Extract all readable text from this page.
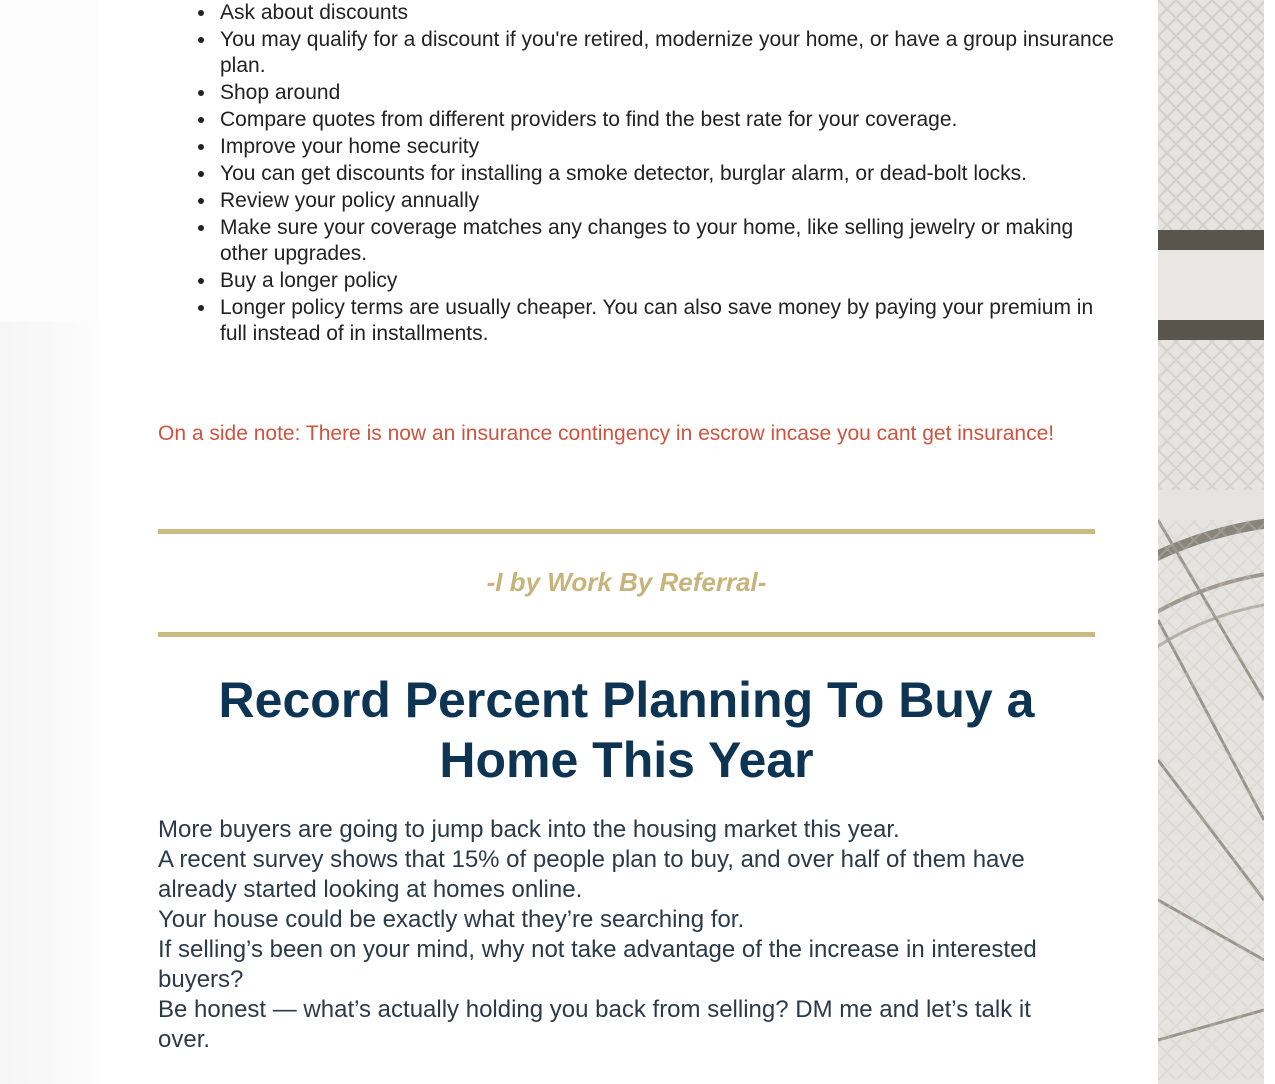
Ask about discounts
You may qualify for a discount if you're retired, modernize your home, or have a group insurance plan.
Shop around
Compare quotes from different providers to find the best rate for your coverage.
Improve your home security
You can get discounts for installing a smoke detector, burglar alarm, or dead-bolt locks.
Review your policy annually
Make sure your coverage matches any changes to your home, like selling jewelry or making other upgrades.
Buy a longer policy
Longer policy terms are usually cheaper. You can also save money by paying your premium in full instead of in installments.
On a side note: There is now an insurance contingency in escrow incase you cant get insurance!
-I by Work By Referral-
Record Percent Planning To Buy a Home This Year

More buyers are going to jump back into the housing market this year.

A recent survey shows that 15% of people plan to buy, and over half of them have already started looking at homes online.

Your house could be exactly what they’re searching for.

If selling’s been on your mind, why not take advantage of the increase in interested buyers?

Be honest — what’s actually holding you back from selling? DM me and let’s talk it over.
